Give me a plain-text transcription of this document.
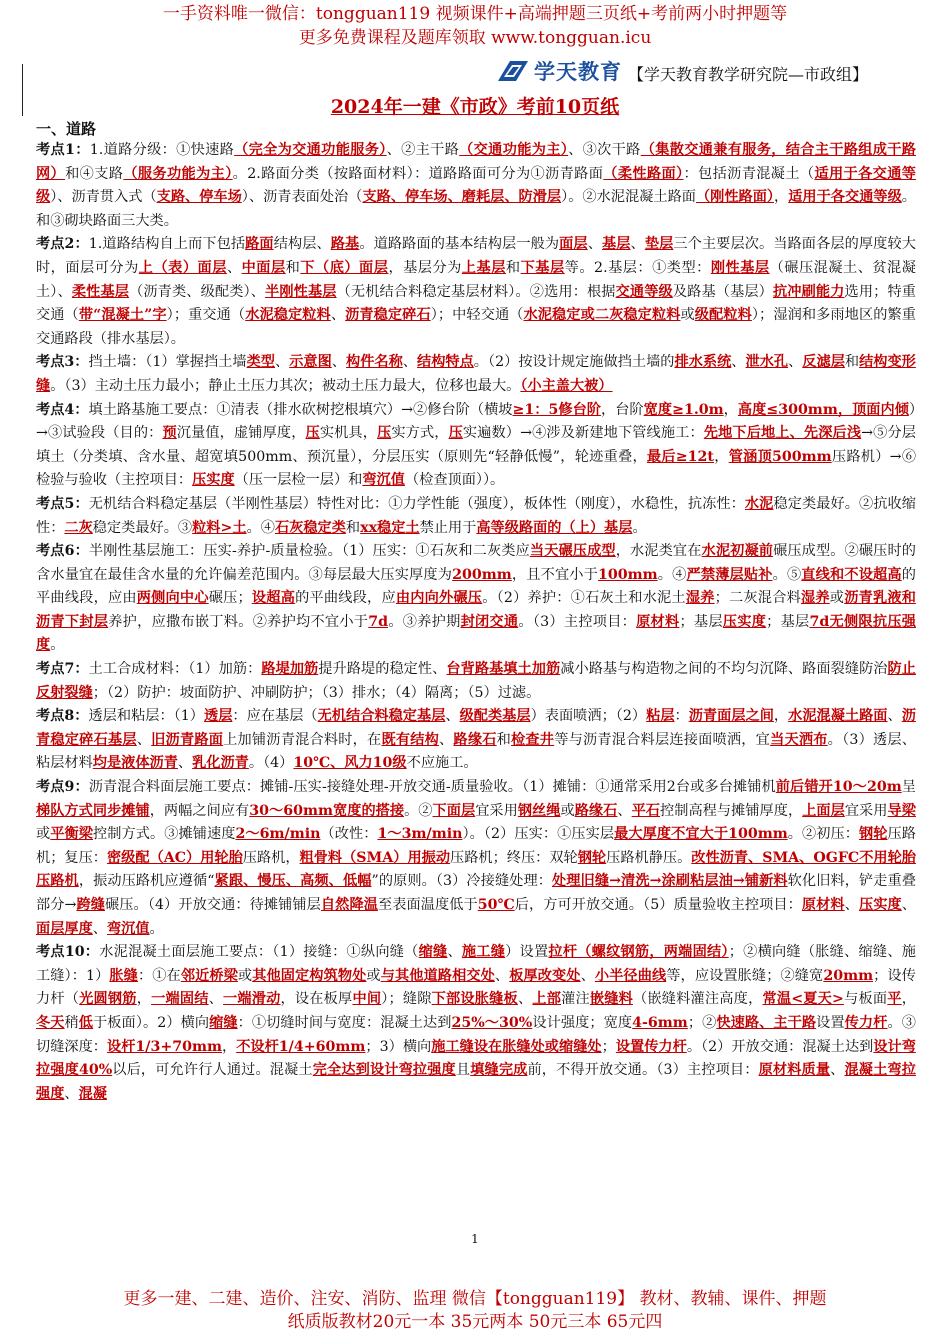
一手资料唯一微信：tongguan119 视频课件+高端押题三页纸+考前两小时押题等
更多免费课程及题库领取 www.tongguan.icu
学天教育 【学天教育教学研究院—市政组】
2024年一建《市政》考前10页纸
一、道路

考点1：1.道路分级：①快速路（完全为交通功能服务）、②主干路（交通功能为主）、③次干路（集散交通兼有服务，结合主干路组成干路网）和④支路（服务功能为主）。2.路面分类（按路面材料）：道路路面可分为①沥青路面（柔性路面）：包括沥青混凝土（适用于各交通等级）、沥青贯入式（支路、停车场）、沥青表面处治（支路、停车场、磨耗层、防滑层）。②水泥混凝土路面（刚性路面），适用于各交通等级。和③砌块路面三大类。

考点2：1.道路结构自上而下包括路面结构层、路基。道路路面的基本结构层一般为面层、基层、垫层三个主要层次。当路面各层的厚度较大时，面层可分为上（表）面层、中面层和下（底）面层，基层分为上基层和下基层等。2.基层：①类型：刚性基层（碾压混凝土、贫混凝土）、柔性基层（沥青类、级配类）、半刚性基层（无机结合料稳定基层材料）。②选用：根据交通等级及路基（基层）抗冲刷能力选用；特重交通（带“混凝土”字）；重交通（水泥稳定粒料、沥青稳定碎石）；中轻交通（水泥稳定或二灰稳定粒料或级配粒料）；湿润和多雨地区的繁重交通路段（排水基层）。

考点3：挡土墙：（1）掌握挡土墙类型、示意图、构件名称、结构特点。（2）按设计规定施做挡土墙的排水系统、泄水孔、反滤层和结构变形缝。（3）主动土压力最小；静止土压力其次；被动土压力最大，位移也最大。（小主盖大被）

考点4：填土路基施工要点：①清表（排水砍树挖根填穴）→②修台阶（横坡≥1：5修台阶，台阶宽度≥1.0m，高度≤300mm，顶面内倾）→③试验段（目的：预沉量值，虚铺厚度，压实机具，压实方式，压实遍数）→④涉及新建地下管线施工：先地下后地上、先深后浅→⑤分层填土（分类填、含水量、超宽填500mm、预沉量），分层压实（原则先“轻静低慢”，轮迹重叠，最后≥12t，管涵顶500mm压路机）→⑥检验与验收（主控项目：压实度（压一层检一层）和弯沉值（检查顶面））。

考点5：无机结合料稳定基层（半刚性基层）特性对比：①力学性能（强度），板体性（刚度），水稳性，抗冻性：水泥稳定类最好。②抗收缩性：二灰稳定类最好。③粒料>土。④石灰稳定类和xx稳定土禁止用于高等级路面的（上）基层。

考点6：半刚性基层施工：压实-养护-质量检验。（1）压实：①石灰和二灰类应当天碾压成型，水泥类宜在水泥初凝前碾压成型。②碾压时的含水量宜在最佳含水量的允许偏差范围内。③每层最大压实厚度为200mm，且不宜小于100mm。④严禁薄层贴补。⑤直线和不设超高的平曲线段，应由两侧向中心碾压；设超高的平曲线段，应由内向外碾压。（2）养护：①石灰土和水泥土湿养；二灰混合料湿养或沥青乳液和沥青下封层养护，应撒布嵌丁料。②养护均不宜小于7d。③养护期封闭交通。（3）主控项目：原材料；基层压实度；基层7d无侧限抗压强度。

考点7：土工合成材料：（1）加筋：路堤加筋提升路堤的稳定性、台背路基填土加筋减小路基与构造物之间的不均匀沉降、路面裂缝防治防止反射裂缝；（2）防护：坡面防护、冲刷防护；（3）排水；（4）隔离；（5）过滤。

考点8：透层和粘层：（1）透层：应在基层（无机结合料稳定基层、级配类基层）表面喷洒；（2）粘层：沥青面层之间，水泥混凝土路面、沥青稳定碎石基层、旧沥青路面上加铺沥青混合料时，在既有结构、路缘石和检查井等与沥青混合料层连接面喷洒，宜当天洒布。（3）透层、粘层材料均是液体沥青、乳化沥青。（4）10℃、风力10级不应施工。

考点9：沥青混合料面层施工要点：摊铺-压实-接缝处理-开放交通-质量验收。（1）摊铺：①通常采用2台或多台摊铺机前后错开10～20m呈梯队方式同步摊铺，两幅之间应有30～60mm宽度的搭接。②下面层宜采用钢丝绳或路缘石、平石控制高程与摊铺厚度，上面层宜采用导梁或平衡梁控制方式。③摊铺速度2～6m/min（改性：1～3m/min）。（2）压实：①压实层最大厚度不宜大于100mm。②初压：钢轮压路机；复压：密级配（AC）用轮胎压路机，粗骨料（SMA）用振动压路机；终压：双轮钢轮压路机静压。改性沥青、SMA、OGFC不用轮胎压路机，振动压路机应遵循“紧跟、慢压、高频、低幅”的原则。（3）冷接缝处理：处理旧缝→清洗→涂刷粘层油→铺新料软化旧料，铲走重叠部分→跨缝碾压。（4）开放交通：待摊铺铺层自然降温至表面温度低于50℃后，方可开放交通。（5）质量验收主控项目：原材料、压实度、面层厚度、弯沉值。

考点10：水泥混凝土面层施工要点：（1）接缝：①纵向缝（缩缝、施工缝）设置拉杆（螺纹钢筋，两端固结）；②横向缝（胀缝、缩缝、施工缝）：1）胀缝：①在邻近桥梁或其他固定构筑物处或与其他道路相交处、板厚改变处、小半径曲线等，应设置胀缝；②缝宽20mm；设传力杆（光圆钢筋，一端固结、一端滑动，设在板厚中间）；缝隙下部设胀缝板、上部灌注嵌缝料（嵌缝料灌注高度，常温<夏天>与板面平，冬天稍低于板面）。2）横向缩缝：①切缝时间与宽度：混凝土达到25%～30%设计强度；宽度4-6mm；②快速路、主干路设置传力杆。③切缝深度：设杆1/3+70mm，不设杆1/4+60mm；3）横向施工缝设在胀缝处或缩缝处；设置传力杆。（2）开放交通：混凝土达到设计弯拉强度40%以后，可允许行人通过。混凝土完全达到设计弯拉强度且填缝完成前，不得开放交通。（3）主控项目：原材料质量、混凝土弯拉强度、混凝

1
更多一建、二建、造价、注安、消防、监理 微信【tongguan119】 教材、教辅、课件、押题
纸质版教材20元一本 35元两本 50元三本 65元四
